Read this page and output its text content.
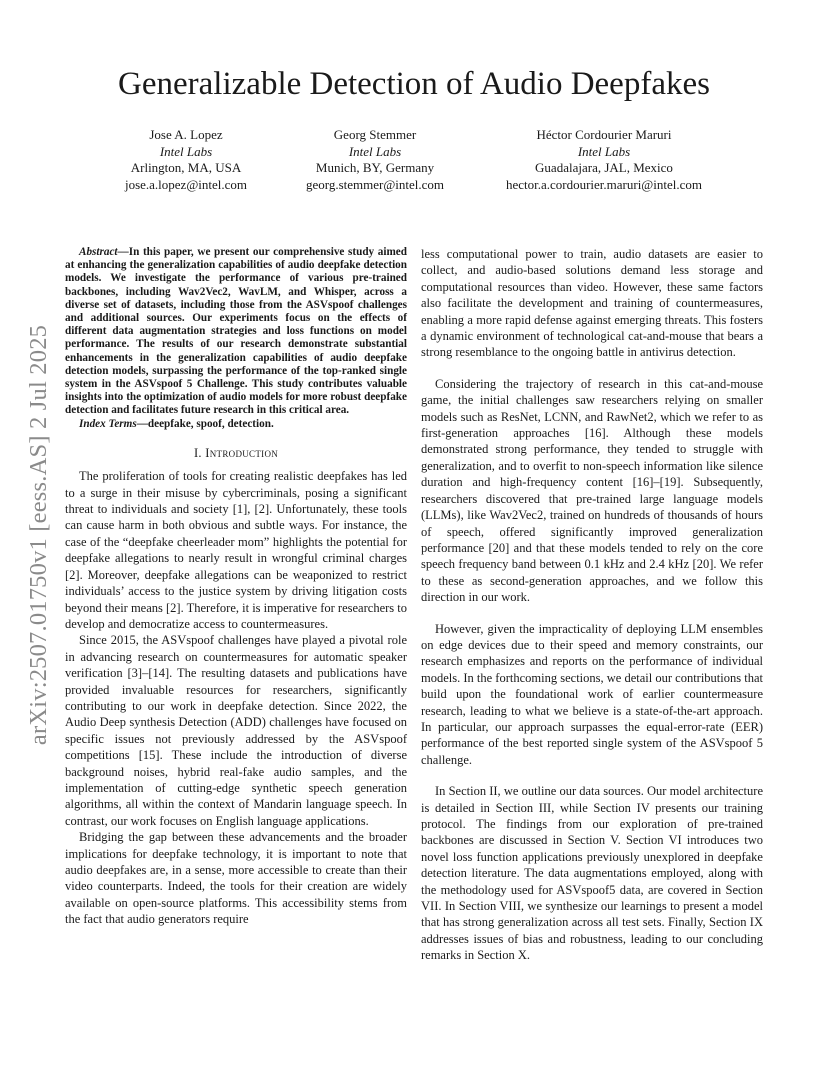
arXiv:2507.01750v1 [eess.AS] 2 Jul 2025
Generalizable Detection of Audio Deepfakes
Jose A. Lopez
Intel Labs
Arlington, MA, USA
jose.a.lopez@intel.com
Georg Stemmer
Intel Labs
Munich, BY, Germany
georg.stemmer@intel.com
Héctor Cordourier Maruri
Intel Labs
Guadalajara, JAL, Mexico
hector.a.cordourier.maruri@intel.com

Abstract—In this paper, we present our comprehensive study aimed at enhancing the generalization capabilities of audio deepfake detection models. We investigate the performance of various pre-trained backbones, including Wav2Vec2, WavLM, and Whisper, across a diverse set of datasets, including those from the ASVspoof challenges and additional sources. Our experiments focus on the effects of different data augmentation strategies and loss functions on model performance. The results of our research demonstrate substantial enhancements in the generalization capabilities of audio deepfake detection models, surpassing the performance of the top-ranked single system in the ASVspoof 5 Challenge. This study contributes valuable insights into the optimization of audio models for more robust deepfake detection and facilitates future research in this critical area.

Index Terms—deepfake, spoof, detection.

I. Introduction

The proliferation of tools for creating realistic deepfakes has led to a surge in their misuse by cybercriminals, posing a significant threat to individuals and society [1], [2]. Unfortunately, these tools can cause harm in both obvious and subtle ways. For instance, the case of the “deepfake cheerleader mom” highlights the potential for deepfake allegations to nearly result in wrongful criminal charges [2]. Moreover, deepfake allegations can be weaponized to restrict individuals’ access to the justice system by driving litigation costs beyond their means [2]. Therefore, it is imperative for researchers to develop and democratize access to countermeasures.

Since 2015, the ASVspoof challenges have played a pivotal role in advancing research on countermeasures for automatic speaker verification [3]–[14]. The resulting datasets and publications have provided invaluable resources for researchers, significantly contributing to our work in deepfake detection. Since 2022, the Audio Deep synthesis Detection (ADD) challenges have focused on specific issues not previously addressed by the ASVspoof competitions [15]. These include the introduction of diverse background noises, hybrid real-fake audio samples, and the implementation of cutting-edge synthetic speech generation algorithms, all within the context of Mandarin language speech. In contrast, our work focuses on English language applications.

Bridging the gap between these advancements and the broader implications for deepfake technology, it is important to note that audio deepfakes are, in a sense, more accessible to create than their video counterparts. Indeed, the tools for their creation are widely available on open-source platforms. This accessibility stems from the fact that audio generators require

less computational power to train, audio datasets are easier to collect, and audio-based solutions demand less storage and computational resources than video. However, these same factors also facilitate the development and training of countermeasures, enabling a more rapid defense against emerging threats. This fosters a dynamic environment of technological cat-and-mouse that bears a strong resemblance to the ongoing battle in antivirus detection.

Considering the trajectory of research in this cat-and-mouse game, the initial challenges saw researchers relying on smaller models such as ResNet, LCNN, and RawNet2, which we refer to as first-generation approaches [16]. Although these models demonstrated strong performance, they tended to struggle with generalization, and to overfit to non-speech information like silence duration and high-frequency content [16]–[19]. Subsequently, researchers discovered that pre-trained large language models (LLMs), like Wav2Vec2, trained on hundreds of thousands of hours of speech, offered significantly improved generalization performance [20] and that these models tended to rely on the core speech frequency band between 0.1 kHz and 2.4 kHz [20]. We refer to these as second-generation approaches, and we follow this direction in our work.

However, given the impracticality of deploying LLM ensembles on edge devices due to their speed and memory constraints, our research emphasizes and reports on the performance of individual models. In the forthcoming sections, we detail our contributions that build upon the foundational work of earlier countermeasure research, leading to what we believe is a state-of-the-art approach. In particular, our approach surpasses the equal-error-rate (EER) performance of the best reported single system of the ASVspoof 5 challenge.

In Section II, we outline our data sources. Our model architecture is detailed in Section III, while Section IV presents our training protocol. The findings from our exploration of pre-trained backbones are discussed in Section V. Section VI introduces two novel loss function applications previously unexplored in deepfake detection literature. The data augmentations employed, along with the methodology used for ASVspoof5 data, are covered in Section VII. In Section VIII, we synthesize our learnings to present a model that has strong generalization across all test sets. Finally, Section IX addresses issues of bias and robustness, leading to our concluding remarks in Section X.
